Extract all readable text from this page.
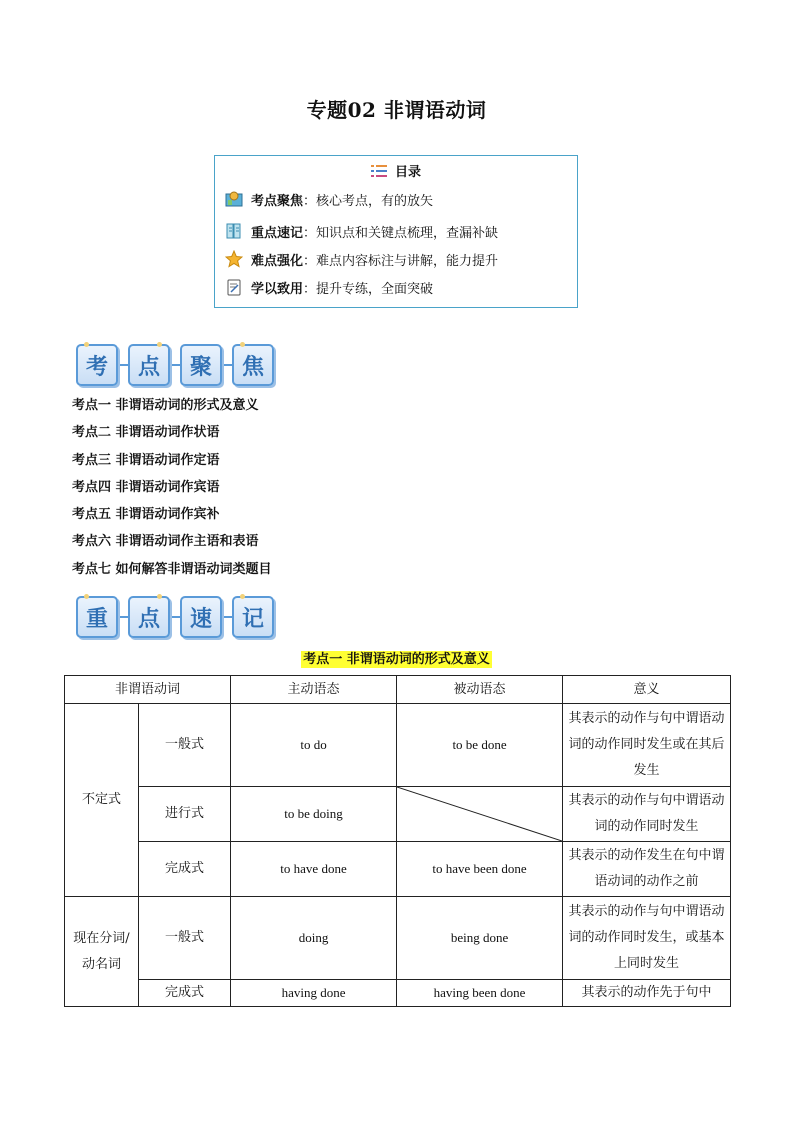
专题02 非谓语动词
目录
考点聚焦 ：核心考点，有的放矢
重点速记 ：知识点和关键点梳理，查漏补缺
难点强化 ：难点内容标注与讲解，能力提升
学以致用 ：提升专练，全面突破
考 点 聚 焦
考点一 非谓语动词的形式及意义
考点二 非谓语动词作状语
考点三 非谓语动词作定语
考点四 非谓语动词作宾语
考点五 非谓语动词作宾补
考点六 非谓语动词作主语和表语
考点七 如何解答非谓语动词类题目
重 点 速 记
考点一 非谓语动词的形式及意义
非谓语动词		主动语态	被动语态	意义
不定式	一般式	to do	to be done	其表示的动作与句中谓语动词的动作同时发生或在其后发生
	进行式	to be doing		其表示的动作与句中谓语动词的动作同时发生
	完成式	to have done	to have been done	其表示的动作发生在句中谓语动词的动作之前
现在分词/动名词	一般式	doing	being done	其表示的动作与句中谓语动词的动作同时发生，或基本上同时发生
	完成式	having done	having been done	其表示的动作先于句中
